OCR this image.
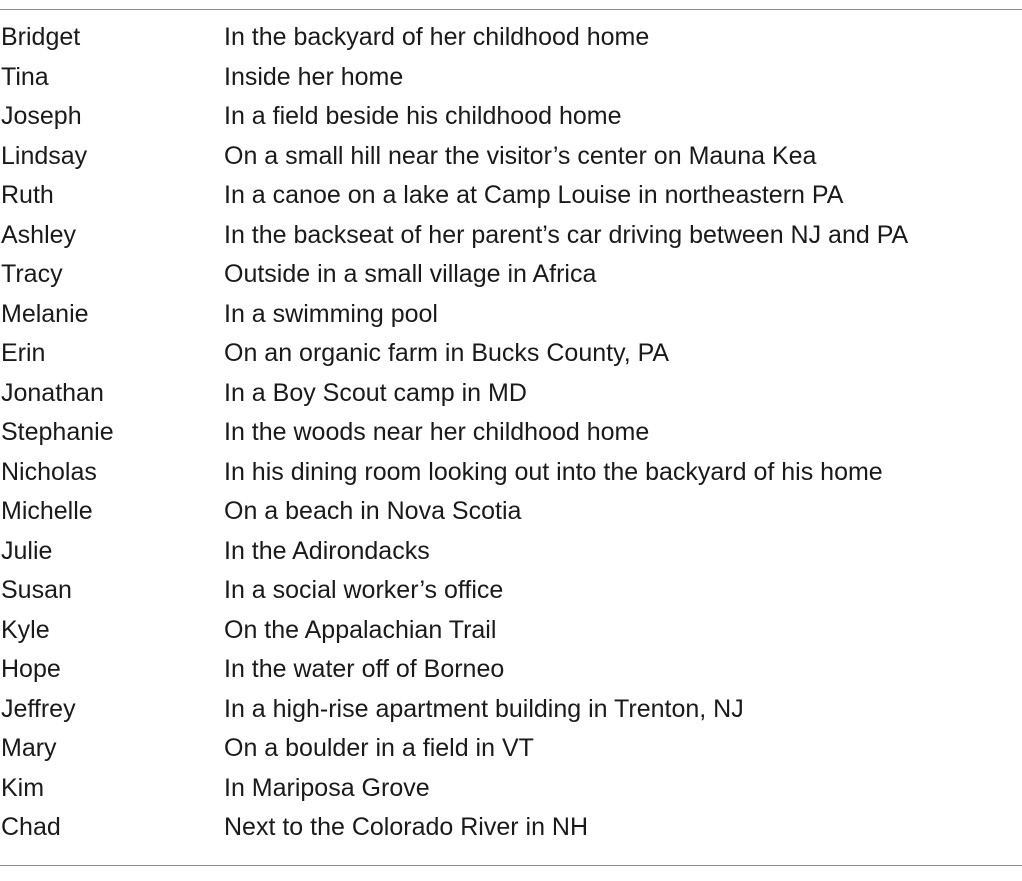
Bridget	In the backyard of her childhood home
Tina	Inside her home
Joseph	In a field beside his childhood home
Lindsay	On a small hill near the visitor’s center on Mauna Kea
Ruth	In a canoe on a lake at Camp Louise in northeastern PA
Ashley	In the backseat of her parent’s car driving between NJ and PA
Tracy	Outside in a small village in Africa
Melanie	In a swimming pool
Erin	On an organic farm in Bucks County, PA
Jonathan	In a Boy Scout camp in MD
Stephanie	In the woods near her childhood home
Nicholas	In his dining room looking out into the backyard of his home
Michelle	On a beach in Nova Scotia
Julie	In the Adirondacks
Susan	In a social worker’s office
Kyle	On the Appalachian Trail
Hope	In the water off of Borneo
Jeffrey	In a high-rise apartment building in Trenton, NJ
Mary	On a boulder in a field in VT
Kim	In Mariposa Grove
Chad	Next to the Colorado River in NH
